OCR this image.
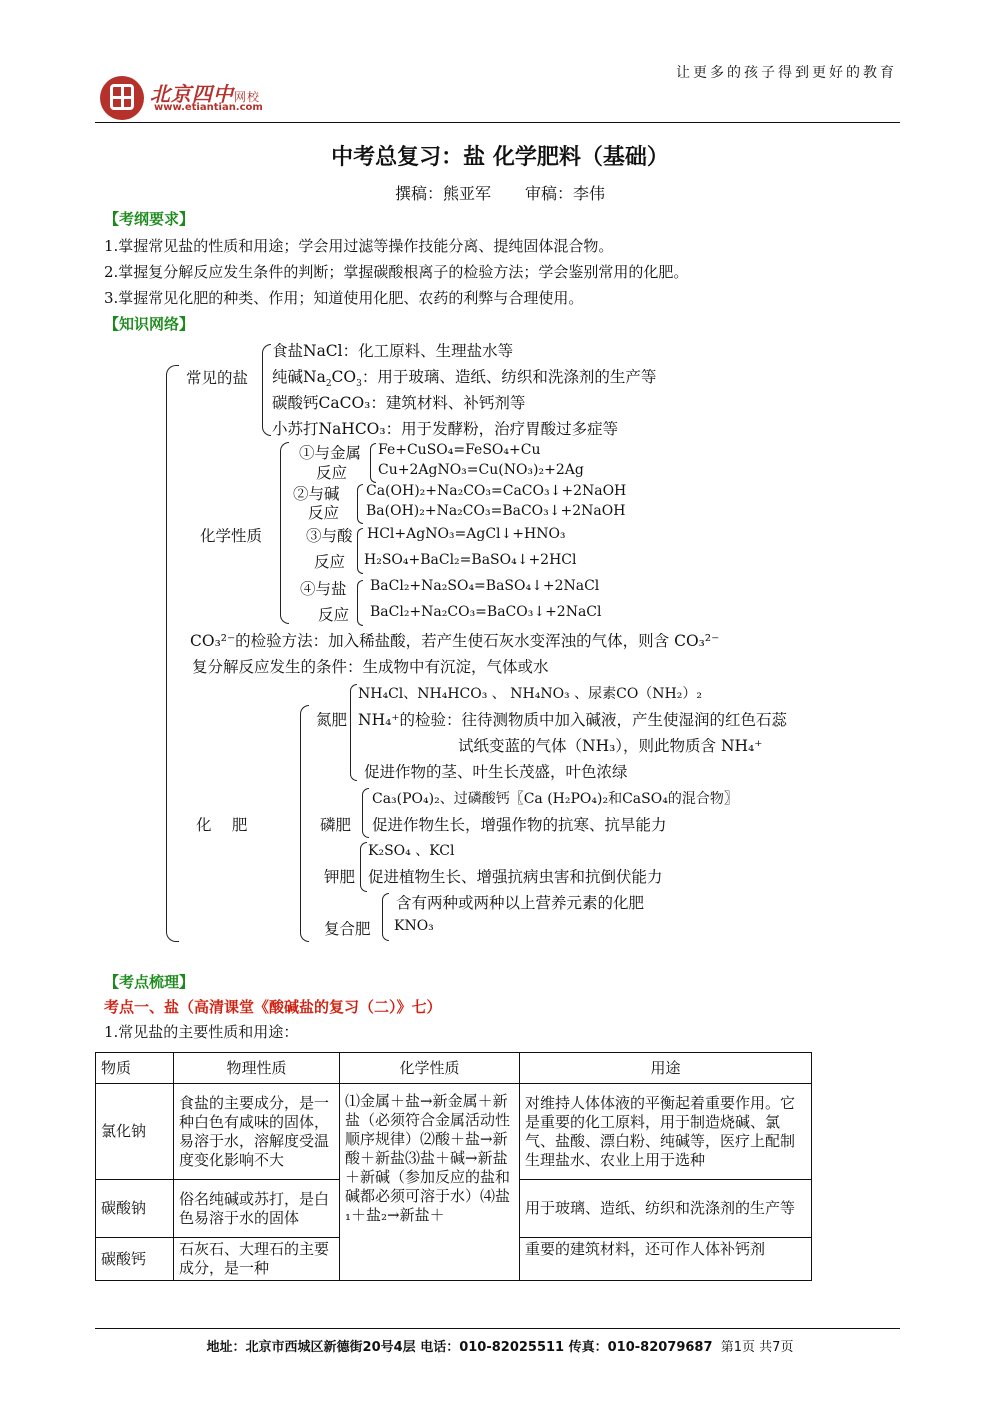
让更多的孩子得到更好的教育
北京四中网校
www.etiantian.com
中考总复习：盐 化学肥料（基础）
撰稿：熊亚军 审稿：李伟
【考纲要求】
1.掌握常见盐的性质和用途；学会用过滤等操作技能分离、提纯固体混合物。
2.掌握复分解反应发生条件的判断；掌握碳酸根离子的检验方法；学会鉴别常用的化肥。
3.掌握常见化肥的种类、作用；知道使用化肥、农药的利弊与合理使用。
【知识网络】
常见的盐
食盐NaCl：化工原料、生理盐水等
纯碱$Na_2CO_3$：用于玻璃、造纸、纺织和洗涤剂的生产等
碳酸钙CaCO₃：建筑材料、补钙剂等
小苏打NaHCO₃：用于发酵粉，治疗胃酸过多症等
化学性质
①与金属
反应
Fe+CuSO₄=FeSO₄+Cu
Cu+2AgNO₃=Cu(NO₃)₂+2Ag
②与碱
反应
Ca(OH)₂+Na₂CO₃=CaCO₃↓+2NaOH
Ba(OH)₂+Na₂CO₃=BaCO₃↓+2NaOH
③与酸
反应
HCl+AgNO₃=AgCl↓+HNO₃
H₂SO₄+BaCl₂=BaSO₄↓+2HCl
④与盐
反应
BaCl₂+Na₂SO₄=BaSO₄↓+2NaCl
BaCl₂+Na₂CO₃=BaCO₃↓+2NaCl
CO₃²⁻的检验方法：加入稀盐酸，若产生使石灰水变浑浊的气体，则含 CO₃²⁻
复分解反应发生的条件：生成物中有沉淀，气体或水
化　 肥
氮肥
NH₄Cl、NH₄HCO₃ 、 NH₄NO₃ 、尿素CO（NH₂）₂
NH₄⁺的检验：往待测物质中加入碱液，产生使湿润的红色石蕊
试纸变蓝的气体（NH₃），则此物质含 NH₄⁺
促进作物的茎、叶生长茂盛，叶色浓绿
磷肥
Ca₃(PO₄)₂、过磷酸钙〖Ca (H₂PO₄)₂和CaSO₄的混合物〗
促进作物生长，增强作物的抗寒、抗旱能力
钾肥
K₂SO₄ 、KCl
促进植物生长、增强抗病虫害和抗倒伏能力
复合肥
含有两种或两种以上营养元素的化肥
KNO₃
【考点梳理】
考点一、盐（高清课堂《酸碱盐的复习（二）》七）
1.常见盐的主要性质和用途：
物质	物理性质	化学性质	用途
氯化钠	食盐的主要成分，是一种白色有咸味的固体，易溶于水，溶解度受温度变化影响不大	⑴金属＋盐→新金属＋新盐（必须符合金属活动性顺序规律）⑵酸＋盐→新酸＋新盐⑶盐＋碱→新盐＋新碱（参加反应的盐和碱都必须可溶于水）⑷盐₁＋盐₂→新盐＋	对维持人体体液的平衡起着重要作用。它是重要的化工原料，用于制造烧碱、氯气、盐酸、漂白粉、纯碱等，医疗上配制生理盐水、农业上用于选种
碳酸钠	俗名纯碱或苏打，是白色易溶于水的固体		用于玻璃、造纸、纺织和洗涤剂的生产等
碳酸钙	石灰石、大理石的主要成分，是一种		重要的建筑材料，还可作人体补钙剂
地址：北京市西城区新德街20号4层 电话：010-82025511 传真：010-82079687 第1页 共7页
